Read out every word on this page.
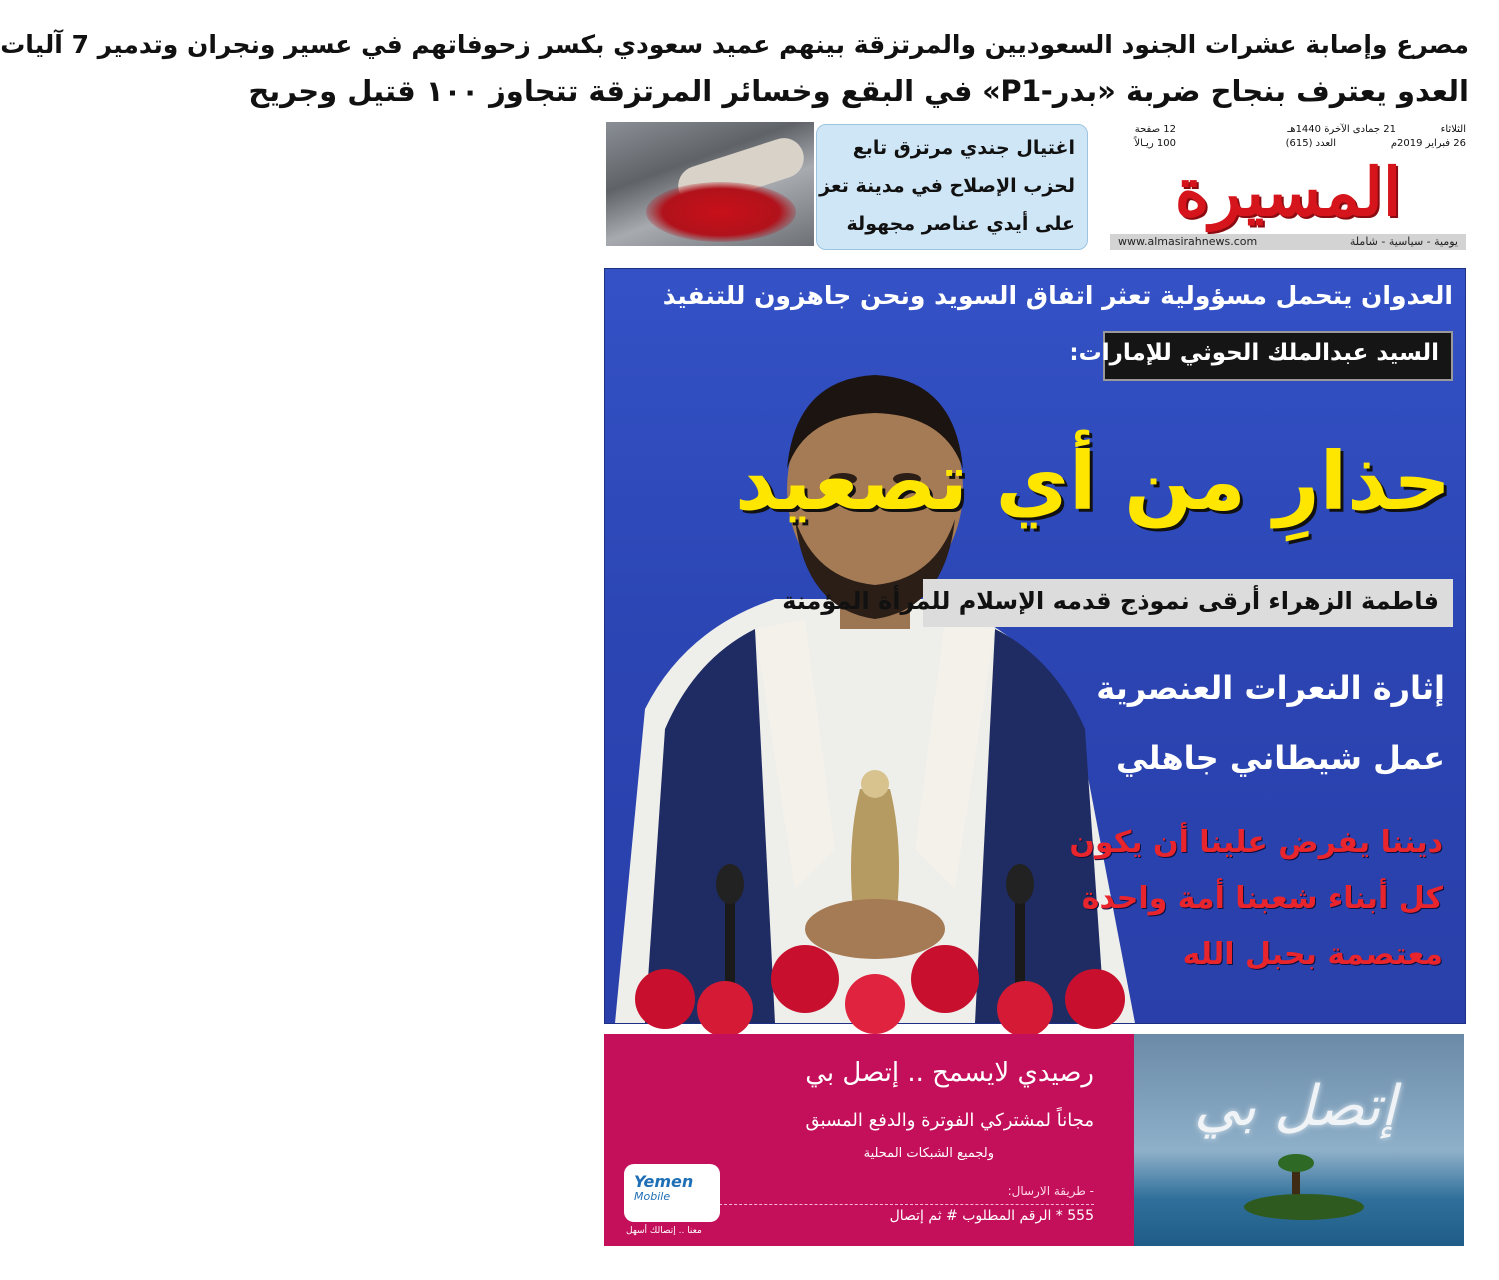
مصرع وإصابة عشرات الجنود السعوديين والمرتزقة بينهم عميد سعودي بكسر زحوفاتهم في عسير ونجران وتدمير 7 آليات
العدو يعترف بنجاح ضربة «بدر-P1» في البقع وخسائر المرتزقة تتجاوز ١٠٠ قتيل وجريح
اغتيال جندي مرتزق تابع
لحزب الإصلاح في مدينة تعز
على أيدي عناصر مجهولة
الثلاثاء
21 جمادى الآخرة 1440هـ
12 صفحة
26 فبراير 2019م
العدد (615)
100 ريـالاً
المسيرة
يومية - سياسية - شاملة
www.almasirahnews.com
العدوان يتحمل مسؤولية تعثر اتفاق السويد ونحن جاهزون للتنفيذ
السيد عبدالملك الحوثي للإمارات:
حذارِ من أي تصعيد
فاطمة الزهراء أرقى نموذج قدمه الإسلام للمرأة المؤمنة
إثارة النعرات العنصرية
عمل شيطاني جاهلي
ديننا يفرض علينا أن يكون
كل أبناء شعبنا أمة واحدة
معتصمة بحبل الله
رصيدي لايسمح .. إتصل بي
مجاناً لمشتركي الفوترة والدفع المسبق
ولجميع الشبكات المحلية
- طريقة الارسال:
555 * الرقم المطلوب # ثم إتصال
Yemen
Mobile
معنا .. إتصالك أسهل
إتصل بي
